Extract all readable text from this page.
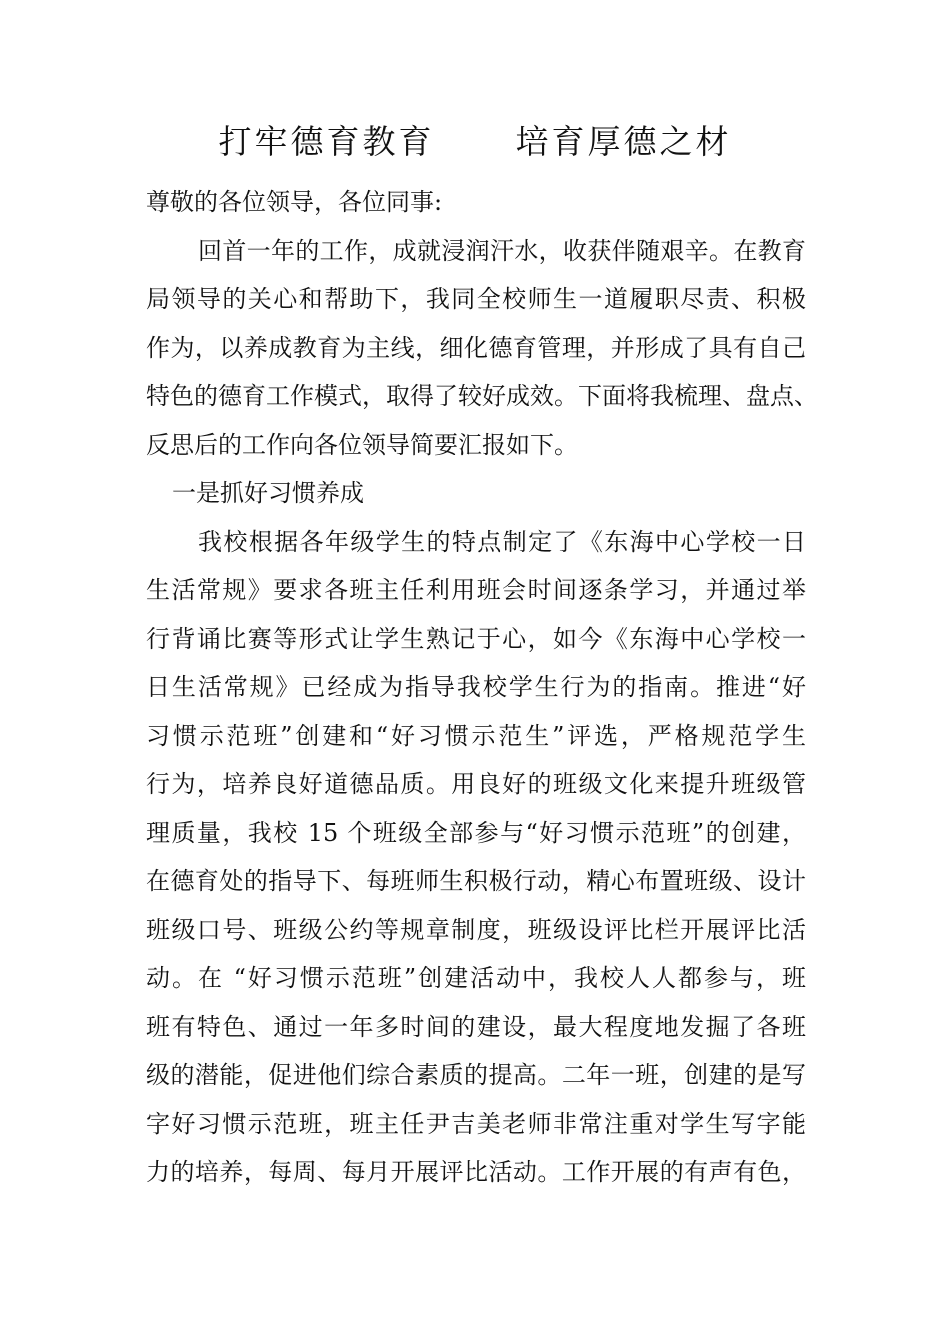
打牢德育教育      培育厚德之材
尊敬的各位领导，各位同事:
回首一年的工作，成就浸润汗水，收获伴随艰辛。在教育
局领导的关心和帮助下，我同全校师生一道履职尽责、积极
作为，以养成教育为主线，细化德育管理，并形成了具有自己
特色的德育工作模式，取得了较好成效。下面将我梳理、盘点、
反思后的工作向各位领导简要汇报如下。
一是抓好习惯养成
我校根据各年级学生的特点制定了《东海中心学校一日
生活常规》要求各班主任利用班会时间逐条学习，并通过举
行背诵比赛等形式让学生熟记于心，如今《东海中心学校一
日生活常规》已经成为指导我校学生行为的指南。推进“好
习惯示范班”创建和“好习惯示范生”评选，严格规范学生
行为，培养良好道德品质。用良好的班级文化来提升班级管
理质量，我校 15 个班级全部参与“好习惯示范班”的创建，
在德育处的指导下、每班师生积极行动，精心布置班级、设计
班级口号、班级公约等规章制度，班级设评比栏开展评比活
动。在 “好习惯示范班”创建活动中，我校人人都参与，班
班有特色、通过一年多时间的建设，最大程度地发掘了各班
级的潜能，促进他们综合素质的提高。二年一班，创建的是写
字好习惯示范班，班主任尹吉美老师非常注重对学生写字能
力的培养，每周、每月开展评比活动。工作开展的有声有色，
